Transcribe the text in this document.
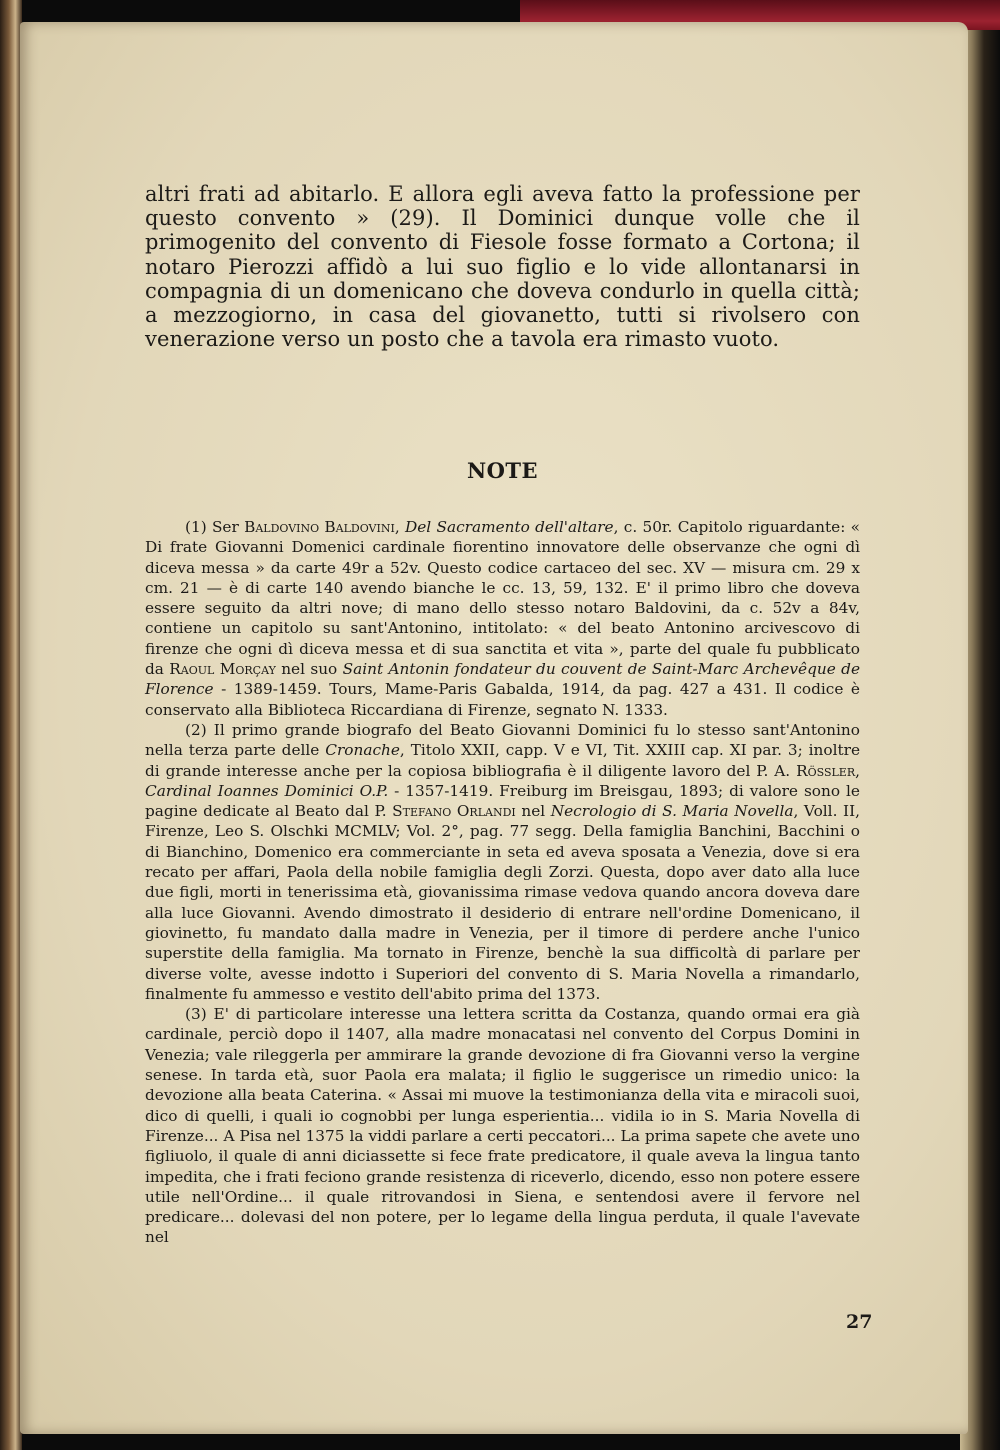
altri frati ad abitarlo. E allora egli aveva fatto la professione per questo convento » (29). Il Dominici dunque volle che il primogenito del convento di Fiesole fosse formato a Cortona; il notaro Pierozzi affidò a lui suo figlio e lo vide allontanarsi in compagnia di un domenicano che doveva condurlo in quella città; a mezzogiorno, in casa del giovanetto, tutti si rivolsero con venerazione verso un posto che a tavola era rimasto vuoto.

NOTE

(1) Ser Baldovino Baldovini, Del Sacramento dell'altare, c. 50r. Capitolo riguardante: « Di frate Giovanni Domenici cardinale fiorentino innovatore delle observanze che ogni dì diceva messa » da carte 49r a 52v. Questo codice cartaceo del sec. XV — misura cm. 29 x cm. 21 — è di carte 140 avendo bianche le cc. 13, 59, 132. E' il primo libro che doveva essere seguito da altri nove; di mano dello stesso notaro Baldovini, da c. 52v a 84v, contiene un capitolo su sant'Antonino, intitolato: « del beato Antonino arcivescovo di firenze che ogni dì diceva messa et di sua sanctita et vita », parte del quale fu pubblicato da Raoul Morçay nel suo Saint Antonin fondateur du couvent de Saint-Marc Archevêque de Florence - 1389-1459. Tours, Mame-Paris Gabalda, 1914, da pag. 427 a 431. Il codice è conservato alla Biblioteca Riccardiana di Firenze, segnato N. 1333.

(2) Il primo grande biografo del Beato Giovanni Dominici fu lo stesso sant'Antonino nella terza parte delle Cronache, Titolo XXII, capp. V e VI, Tit. XXIII cap. XI par. 3; inoltre di grande interesse anche per la copiosa bibliografia è il diligente lavoro del P. A. Rössler, Cardinal Ioannes Dominici O.P. - 1357-1419. Freiburg im Breisgau, 1893; di valore sono le pagine dedicate al Beato dal P. Stefano Orlandi nel Necrologio di S. Maria Novella, Voll. II, Firenze, Leo S. Olschki MCMLV; Vol. 2°, pag. 77 segg. Della famiglia Banchini, Bacchini o di Bianchino, Domenico era commerciante in seta ed aveva sposata a Venezia, dove si era recato per affari, Paola della nobile famiglia degli Zorzi. Questa, dopo aver dato alla luce due figli, morti in tenerissima età, giovanissima rimase vedova quando ancora doveva dare alla luce Giovanni. Avendo dimostrato il desiderio di entrare nell'ordine Domenicano, il giovinetto, fu mandato dalla madre in Venezia, per il timore di perdere anche l'unico superstite della famiglia. Ma tornato in Firenze, benchè la sua difficoltà di parlare per diverse volte, avesse indotto i Superiori del convento di S. Maria Novella a rimandarlo, finalmente fu ammesso e vestito dell'abito prima del 1373.

(3) E' di particolare interesse una lettera scritta da Costanza, quando ormai era già cardinale, perciò dopo il 1407, alla madre monacatasi nel convento del Corpus Domini in Venezia; vale rileggerla per ammirare la grande devozione di fra Giovanni verso la vergine senese. In tarda età, suor Paola era malata; il figlio le suggerisce un rimedio unico: la devozione alla beata Caterina. « Assai mi muove la testimonianza della vita e miracoli suoi, dico di quelli, i quali io cognobbi per lunga esperientia... vidila io in S. Maria Novella di Firenze... A Pisa nel 1375 la viddi parlare a certi peccatori... La prima sapete che avete uno figliuolo, il quale di anni diciassette si fece frate predicatore, il quale aveva la lingua tanto impedita, che i frati feciono grande resistenza di riceverlo, dicendo, esso non potere essere utile nell'Ordine... il quale ritrovandosi in Siena, e sentendosi avere il fervore nel predicare... dolevasi del non potere, per lo legame della lingua perduta, il quale l'avevate nel

27
